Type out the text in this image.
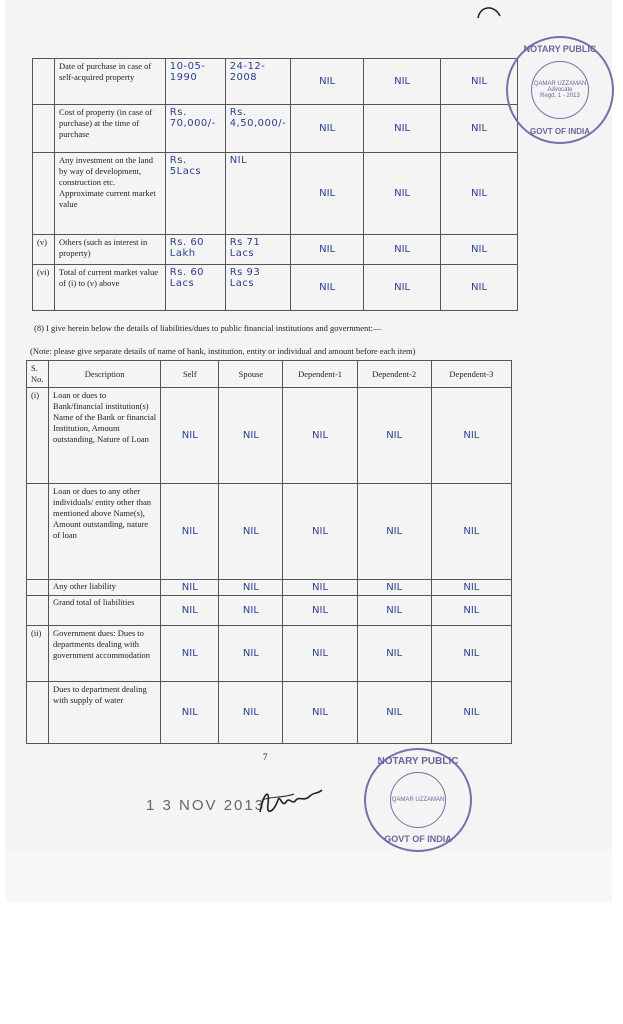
	Date of purchase in case of self-acquired property	10-05-1990	24-12-2008	NIL	NIL	NIL
	Cost of property (in case of purchase) at the time of purchase	Rs. 70,000/-	Rs. 4,50,000/-	NIL	NIL	NIL
	Any investment on the land by way of development, construction etc. Approximate current market value	Rs. 5Lacs	NIL	NIL	NIL	NIL
(v)	Others (such as interest in property)	Rs. 60 Lakh	Rs 71 Lacs	NIL	NIL	NIL
(vi)	Total of current market value of (i) to (v) above	Rs. 60 Lacs	Rs 93 Lacs	NIL	NIL	NIL
(8) I give herein below the details of liabilities/dues to public financial institutions and government:—
(Note: please give separate details of name of bank, institution, entity or individual and amount before each item)
S. No.	Description	Self	Spouse	Dependent-1	Dependent-2	Dependent-3
(i)	Loan or dues to Bank/financial institution(s) Name of the Bank or financial Institution, Amount outstanding, Nature of Loan	NIL	NIL	NIL	NIL	NIL
	Loan or dues to any other individuals/ entity other than mentioned above Name(s), Amount outstanding, nature of loan	NIL	NIL	NIL	NIL	NIL
	Any other liability	NIL	NIL	NIL	NIL	NIL
	Grand total of liabilities	NIL	NIL	NIL	NIL	NIL
(ii)	Government dues: Dues to departments dealing with government accommodation	NIL	NIL	NIL	NIL	NIL
	Dues to department dealing with supply of water	NIL	NIL	NIL	NIL	NIL
7
1 3 NOV 2013
NOTARY PUBLIC
QAMAR UZZAMAN
Advocate
Regd. 1 - 2013
GOVT OF INDIA
NOTARY PUBLIC
QAMAR UZZAMAN
GOVT OF INDIA
